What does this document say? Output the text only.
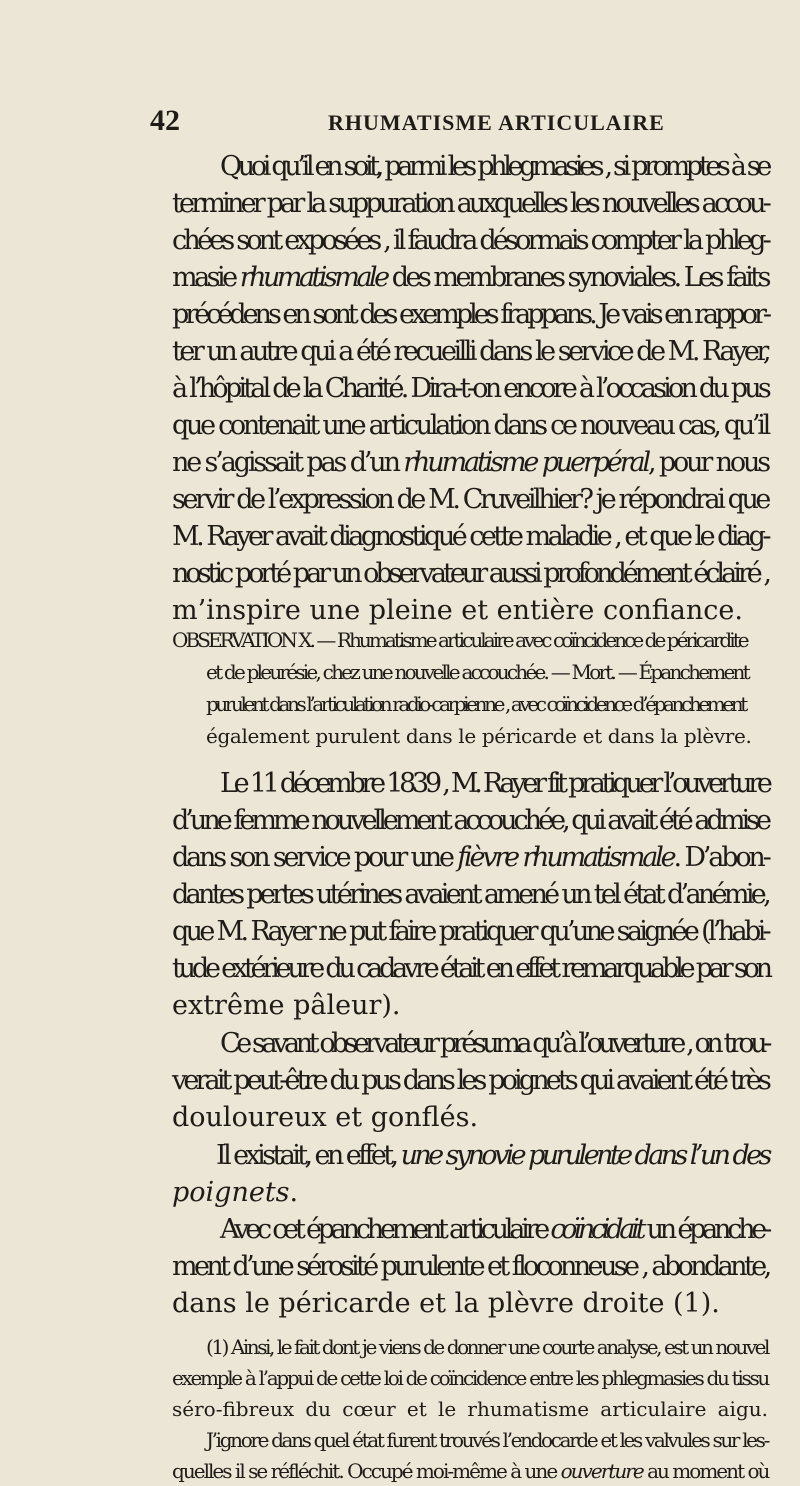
42	RHUMATISME ARTICULAIRE
Quoi qu’il en soit, parmi les phlegmasies , si promptes à se
terminer par la suppuration auxquelles les nouvelles accou-
chées sont exposées , il faudra désormais compter la phleg-
masie rhumatismale des membranes synoviales. Les faits
précédens en sont des exemples frappans. Je vais en rappor-
ter un autre qui a été recueilli dans le service de M. Rayer,
à l’hôpital de la Charité. Dira-t-on encore à l’occasion du pus
que contenait une articulation dans ce nouveau cas, qu’il
ne s’agissait pas d’un rhumatisme puerpéral, pour nous
servir de l’expression de M. Cruveilhier? je répondrai que
M. Rayer avait diagnostiqué cette maladie , et que le diag-
nostic porté par un observateur aussi profondément éclairé ,
m’inspire une pleine et entière confiance.
OBSERVATION X. — Rhumatisme articulaire avec coïncidence de péricardite
et de pleurésie, chez une nouvelle accouchée. — Mort. — Épanchement
purulent dans l’articulation radio-carpienne , avec coïncidence d’épanchement
également purulent dans le péricarde et dans la plèvre.
Le 11 décembre 1839 , M. Rayer fit pratiquer l’ouverture
d’une femme nouvellement accouchée, qui avait été admise
dans son service pour une fièvre rhumatismale. D’abon-
dantes pertes utérines avaient amené un tel état d’anémie,
que M. Rayer ne put faire pratiquer qu’une saignée (l’habi-
tude extérieure du cadavre était en effet remarquable par son
extrême pâleur).
Ce savant observateur présuma qu’à l’ouverture , on trou-
verait peut-être du pus dans les poignets qui avaient été très
douloureux et gonflés.
Il existait, en effet, une synovie purulente dans l’un des
poignets.
Avec cet épanchement articulaire coïncidait un épanche-
ment d’une sérosité purulente et floconneuse , abondante,
dans le péricarde et la plèvre droite (1).
(1) Ainsi, le fait dont je viens de donner une courte analyse, est un nouvel
exemple à l’appui de cette loi de coïncidence entre les phlegmasies du tissu
séro-fibreux du cœur et le rhumatisme articulaire aigu.
J’ignore dans quel état furent trouvés l’endocarde et les valvules sur les-
quelles il se réfléchit. Occupé moi-même à une ouverture au moment où
